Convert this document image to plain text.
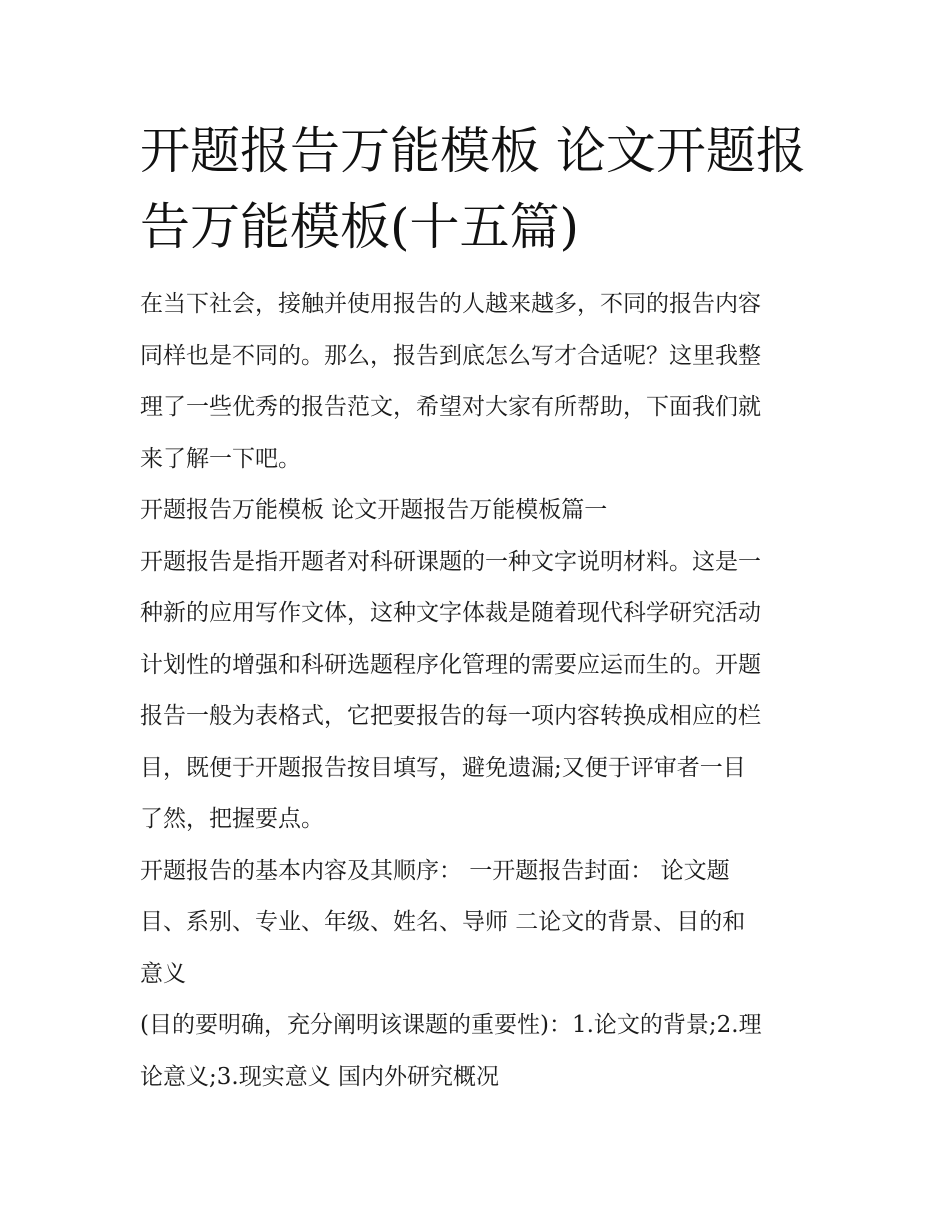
开题报告万能模板 论文开题报
告万能模板(十五篇)
在当下社会，接触并使用报告的人越来越多，不同的报告内容
同样也是不同的。那么，报告到底怎么写才合适呢？这里我整
理了一些优秀的报告范文，希望对大家有所帮助，下面我们就
来了解一下吧。
开题报告万能模板 论文开题报告万能模板篇一
开题报告是指开题者对科研课题的一种文字说明材料。这是一
种新的应用写作文体，这种文字体裁是随着现代科学研究活动
计划性的增强和科研选题程序化管理的需要应运而生的。开题
报告一般为表格式，它把要报告的每一项内容转换成相应的栏
目，既便于开题报告按目填写，避免遗漏;又便于评审者一目
了然，把握要点。
开题报告的基本内容及其顺序： 一开题报告封面： 论文题
目、系别、专业、年级、姓名、导师 二论文的背景、目的和
意义
(目的要明确，充分阐明该课题的重要性)：1.论文的背景;2.理
论意义;3.现实意义 国内外研究概况
